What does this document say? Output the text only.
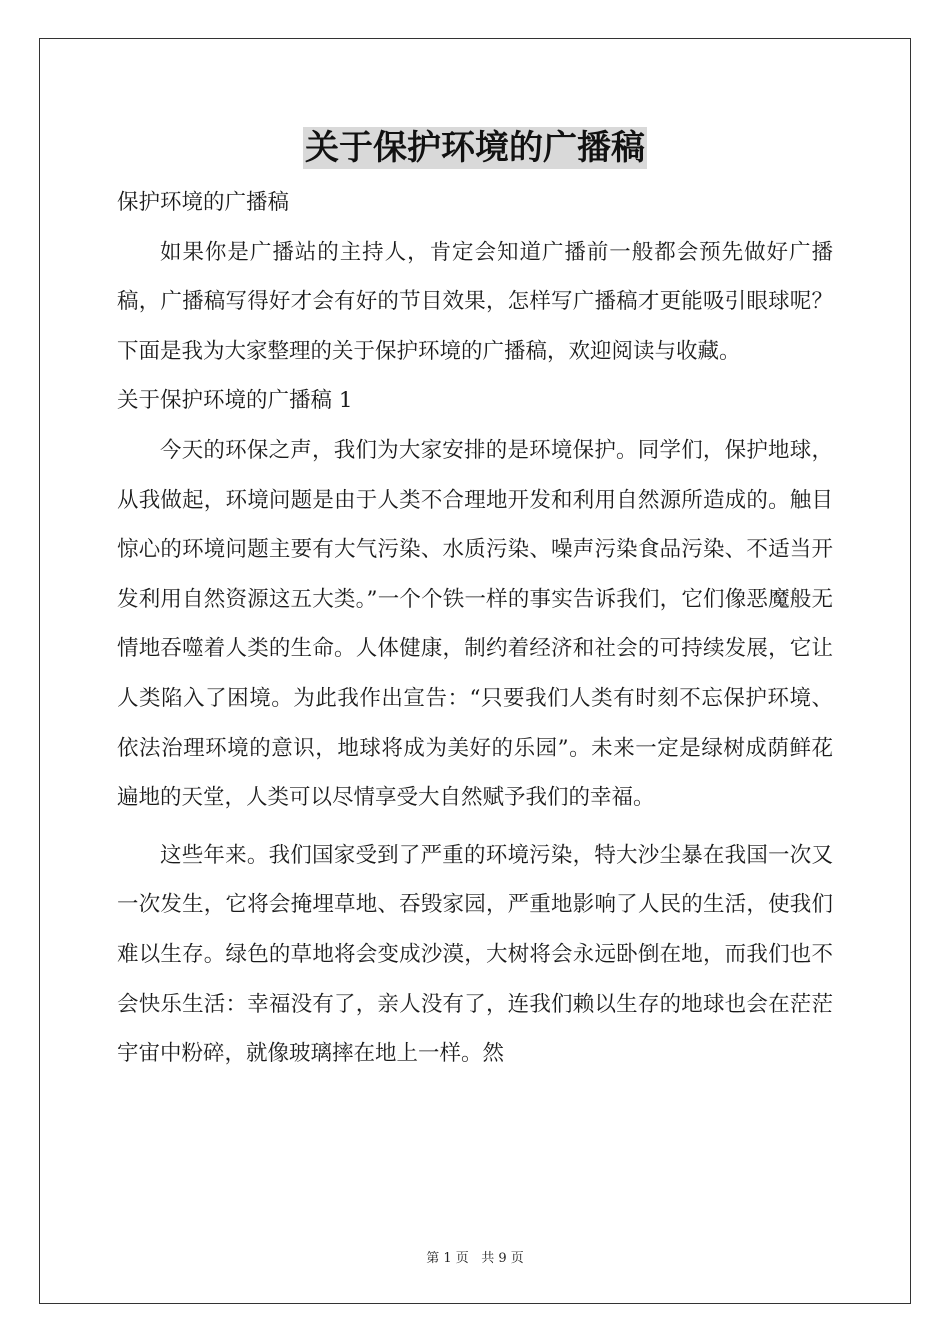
关于保护环境的广播稿

保护环境的广播稿

如果你是广播站的主持人，肯定会知道广播前一般都会预先做好广播稿，广播稿写得好才会有好的节目效果，怎样写广播稿才更能吸引眼球呢？下面是我为大家整理的关于保护环境的广播稿，欢迎阅读与收藏。

关于保护环境的广播稿 1

今天的环保之声，我们为大家安排的是环境保护。同学们，保护地球，从我做起，环境问题是由于人类不合理地开发和利用自然源所造成的。触目惊心的环境问题主要有大气污染、水质污染、噪声污染食品污染、不适当开发利用自然资源这五大类。”一个个铁一样的事实告诉我们，它们像恶魔般无情地吞噬着人类的生命。人体健康，制约着经济和社会的可持续发展，它让人类陷入了困境。为此我作出宣告：“只要我们人类有时刻不忘保护环境、依法治理环境的意识，地球将成为美好的乐园”。未来一定是绿树成荫鲜花遍地的天堂，人类可以尽情享受大自然赋予我们的幸福。

这些年来。我们国家受到了严重的环境污染，特大沙尘暴在我国一次又一次发生，它将会掩埋草地、吞毁家园，严重地影响了人民的生活，使我们难以生存。绿色的草地将会变成沙漠，大树将会永远卧倒在地，而我们也不会快乐生活：幸福没有了，亲人没有了，连我们赖以生存的地球也会在茫茫宇宙中粉碎，就像玻璃摔在地上一样。然

第 1 页   共 9 页
